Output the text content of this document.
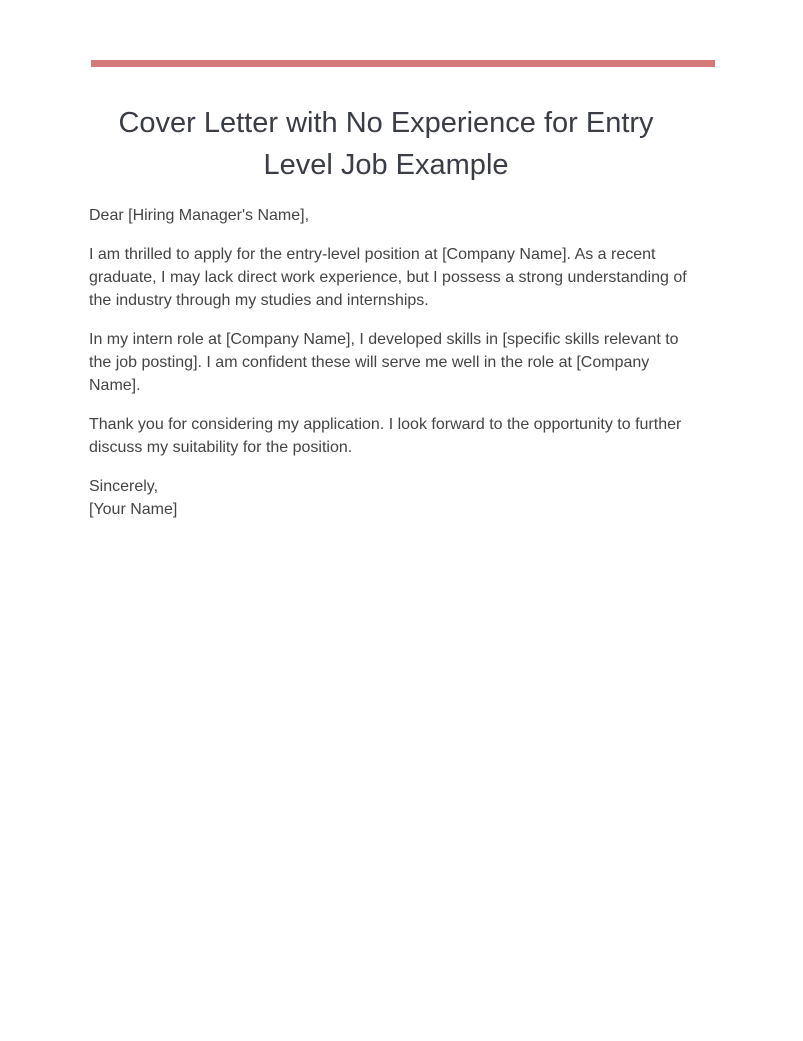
Cover Letter with No Experience for Entry Level Job Example

Dear [Hiring Manager's Name],

I am thrilled to apply for the entry-level position at [Company Name]. As a recent graduate, I may lack direct work experience, but I possess a strong understanding of the industry through my studies and internships.

In my intern role at [Company Name], I developed skills in [specific skills relevant to the job posting]. I am confident these will serve me well in the role at [Company Name].

Thank you for considering my application. I look forward to the opportunity to further discuss my suitability for the position.

Sincerely,

[Your Name]
